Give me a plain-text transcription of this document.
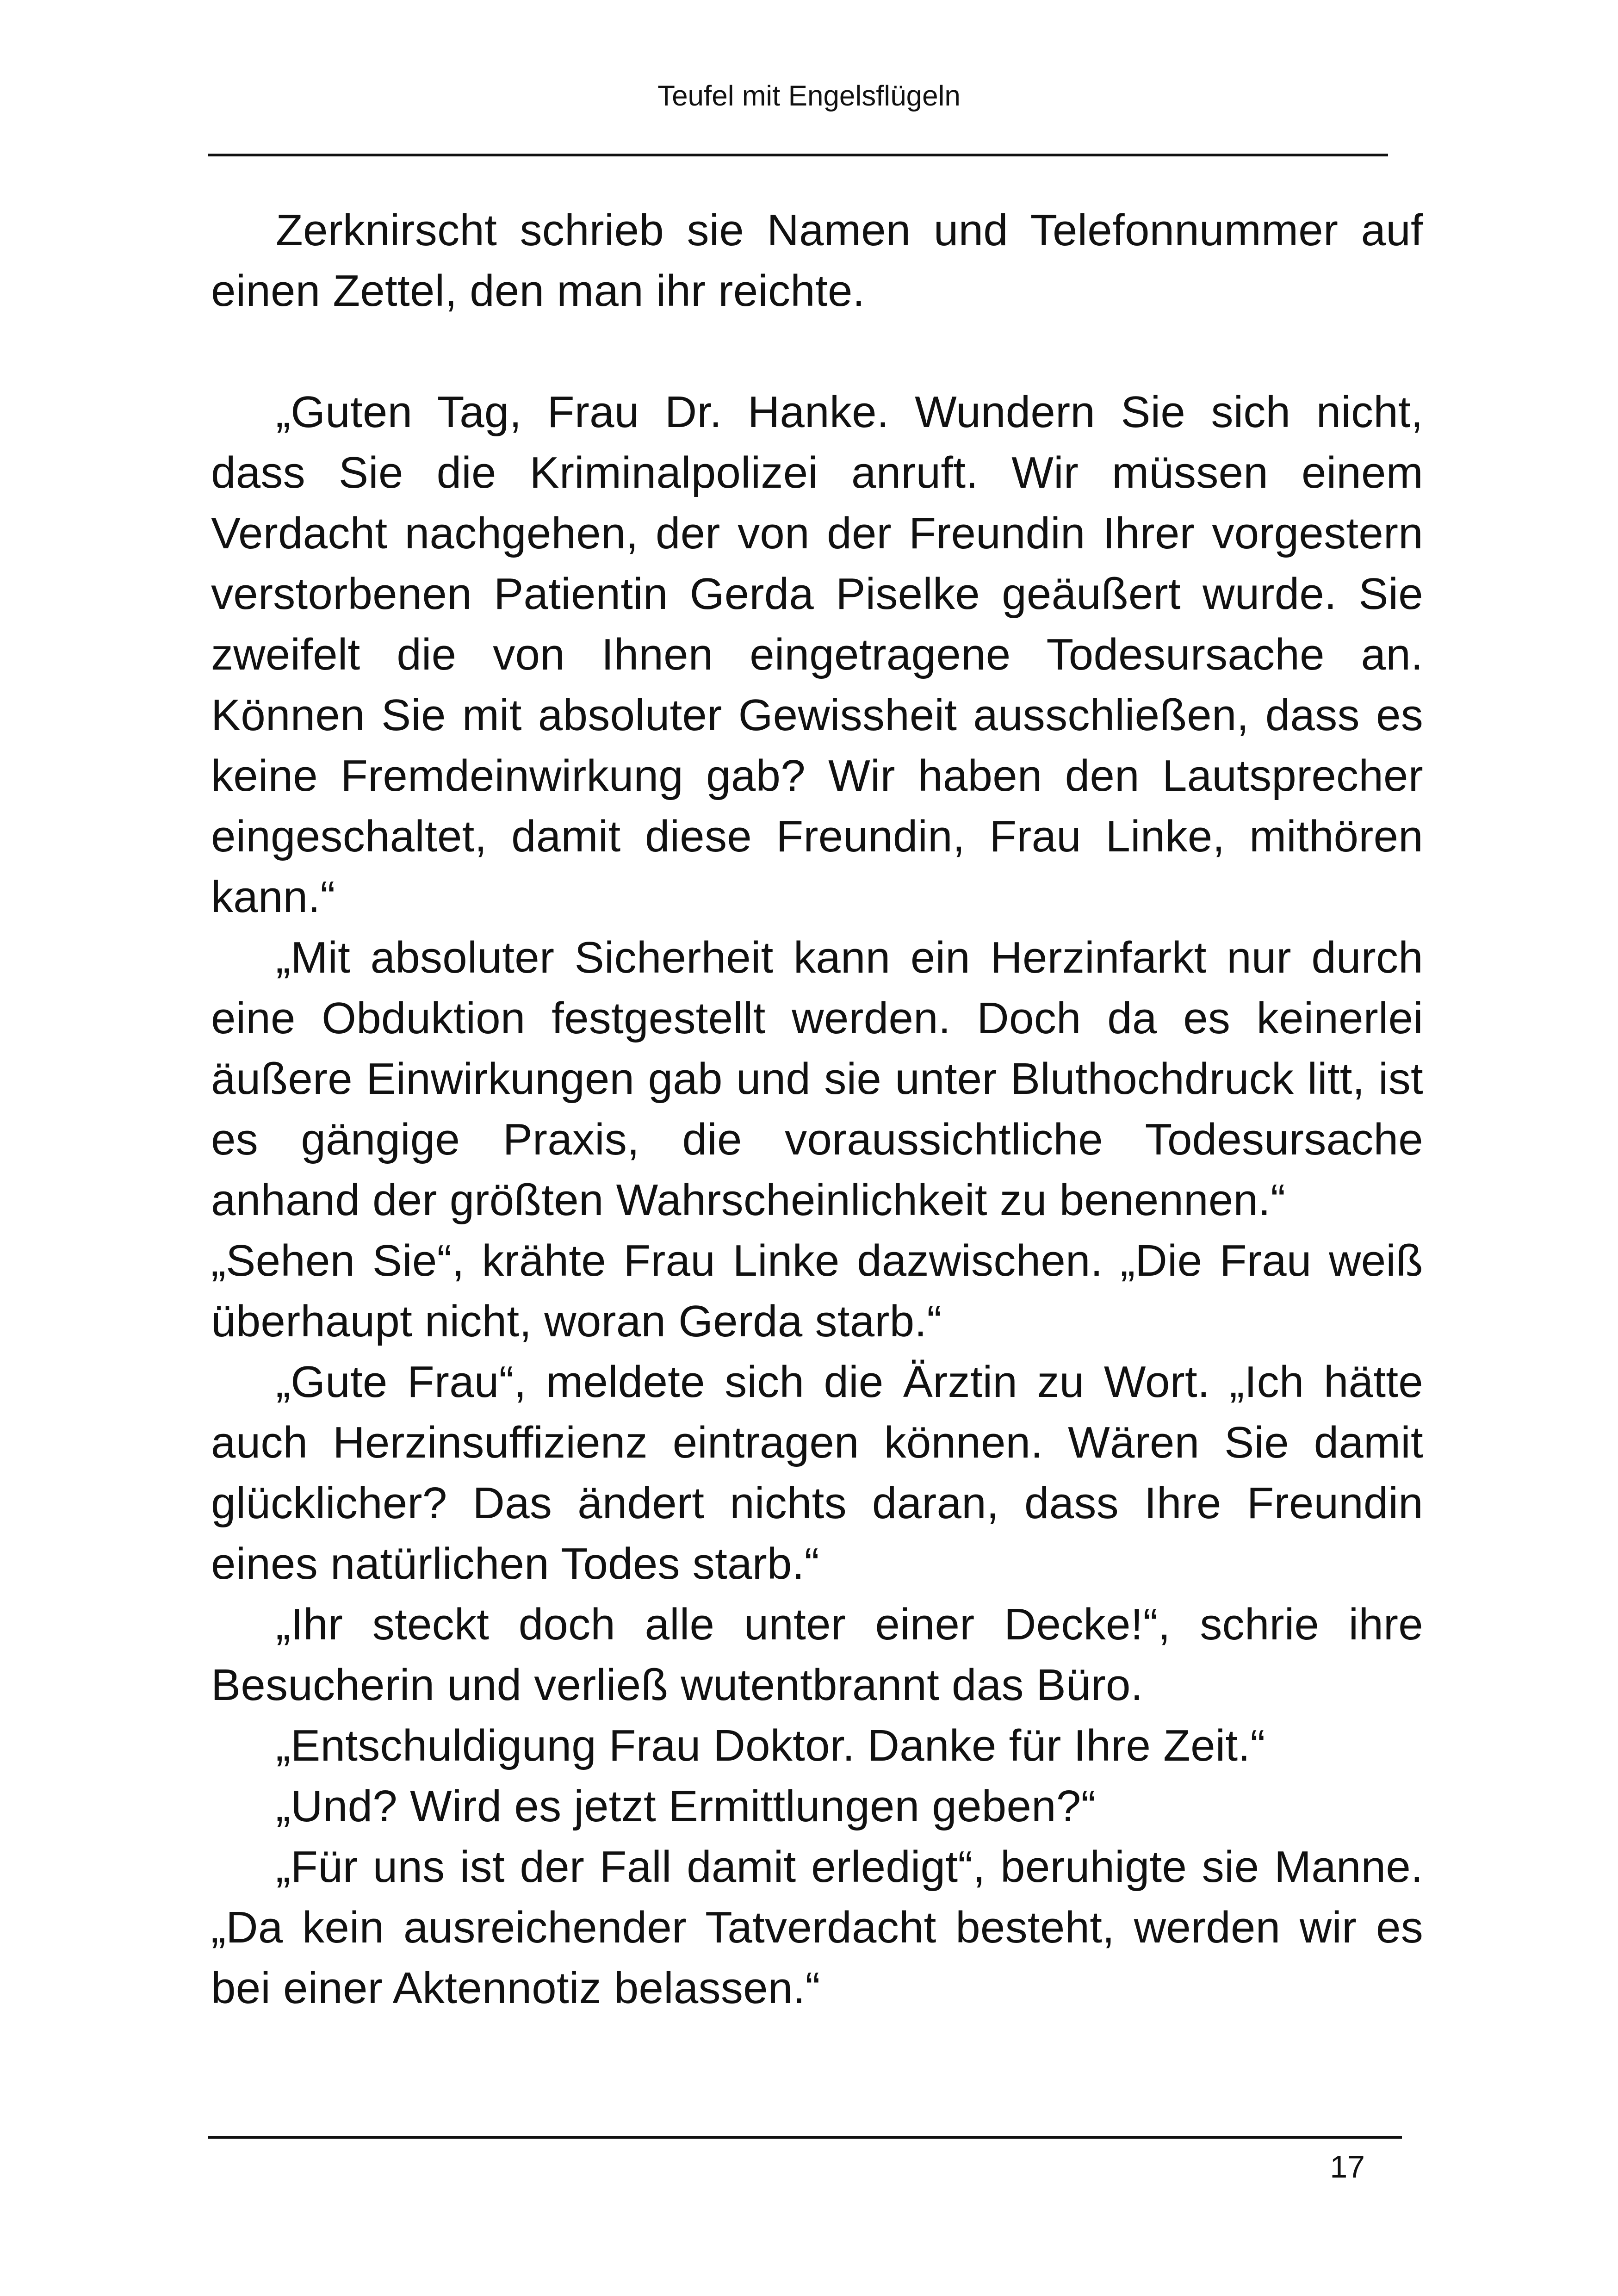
Teufel mit Engelsflügeln

Zerknirscht schrieb sie Namen und Telefonnummer auf einen Zettel, den man ihr reichte.

„Guten Tag, Frau Dr. Hanke. Wundern Sie sich nicht, dass Sie die Kriminalpolizei anruft. Wir müssen einem Verdacht nachgehen, der von der Freundin Ihrer vorgestern verstorbenen Patientin Gerda Piselke geäußert wurde. Sie zweifelt die von Ihnen eingetragene Todesursache an. Können Sie mit absoluter Gewissheit ausschließen, dass es keine Fremdeinwirkung gab? Wir haben den Lautsprecher eingeschaltet, damit diese Freundin, Frau Linke, mithören kann.“

„Mit absoluter Sicherheit kann ein Herzinfarkt nur durch eine Obduktion festgestellt werden. Doch da es keinerlei äußere Einwirkungen gab und sie unter Bluthochdruck litt, ist es gängige Praxis, die voraussichtliche Todesursache anhand der größten Wahrscheinlichkeit zu benennen.“

„Sehen Sie“, krähte Frau Linke dazwischen. „Die Frau weiß überhaupt nicht, woran Gerda starb.“

„Gute Frau“, meldete sich die Ärztin zu Wort. „Ich hätte auch Herzinsuffizienz eintragen können. Wären Sie damit glücklicher? Das ändert nichts daran, dass Ihre Freundin eines natürlichen Todes starb.“

„Ihr steckt doch alle unter einer Decke!“, schrie ihre Besucherin und verließ wutentbrannt das Büro.

„Entschuldigung Frau Doktor. Danke für Ihre Zeit.“

„Und? Wird es jetzt Ermittlungen geben?“

„Für uns ist der Fall damit erledigt“, beruhigte sie Manne. „Da kein ausreichender Tatverdacht besteht, werden wir es bei einer Aktennotiz belassen.“

17
